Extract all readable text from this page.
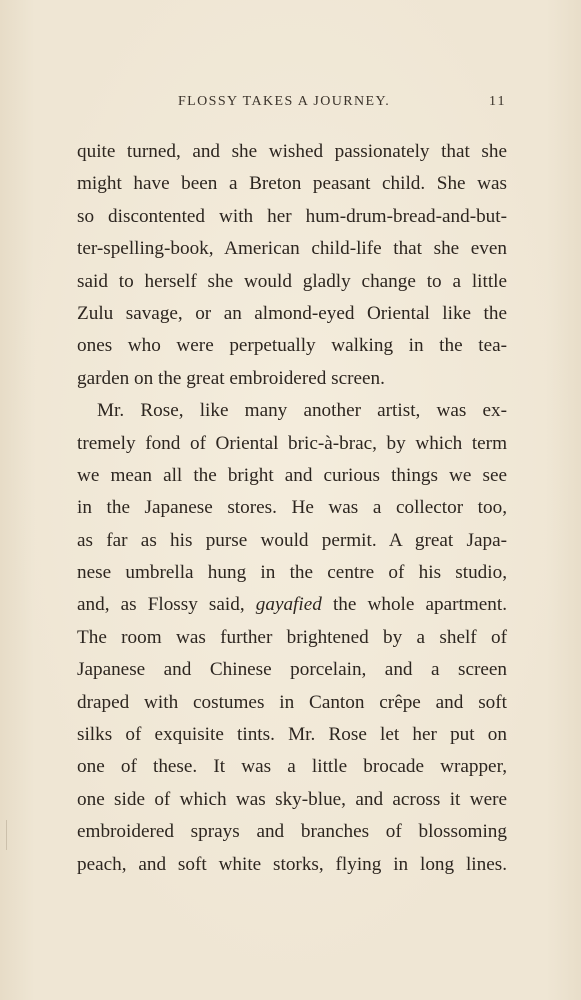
FLOSSY TAKES A JOURNEY.	11
quite turned, and she wished passionately that she
might have been a Breton peasant child. She was
so discontented with her hum-drum-bread-and-but-
ter-spelling-book, American child-life that she even
said to herself she would gladly change to a little
Zulu savage, or an almond-eyed Oriental like the
ones who were perpetually walking in the tea-
garden on the great embroidered screen.
Mr. Rose, like many another artist, was ex-
tremely fond of Oriental bric-à-brac, by which term
we mean all the bright and curious things we see
in the Japanese stores. He was a collector too,
as far as his purse would permit. A great Japa-
nese umbrella hung in the centre of his studio,
and, as Flossy said, gayafied the whole apartment.
The room was further brightened by a shelf of
Japanese and Chinese porcelain, and a screen
draped with costumes in Canton crêpe and soft
silks of exquisite tints. Mr. Rose let her put on
one of these. It was a little brocade wrapper,
one side of which was sky-blue, and across it were
embroidered sprays and branches of blossoming
peach, and soft white storks, flying in long lines.
